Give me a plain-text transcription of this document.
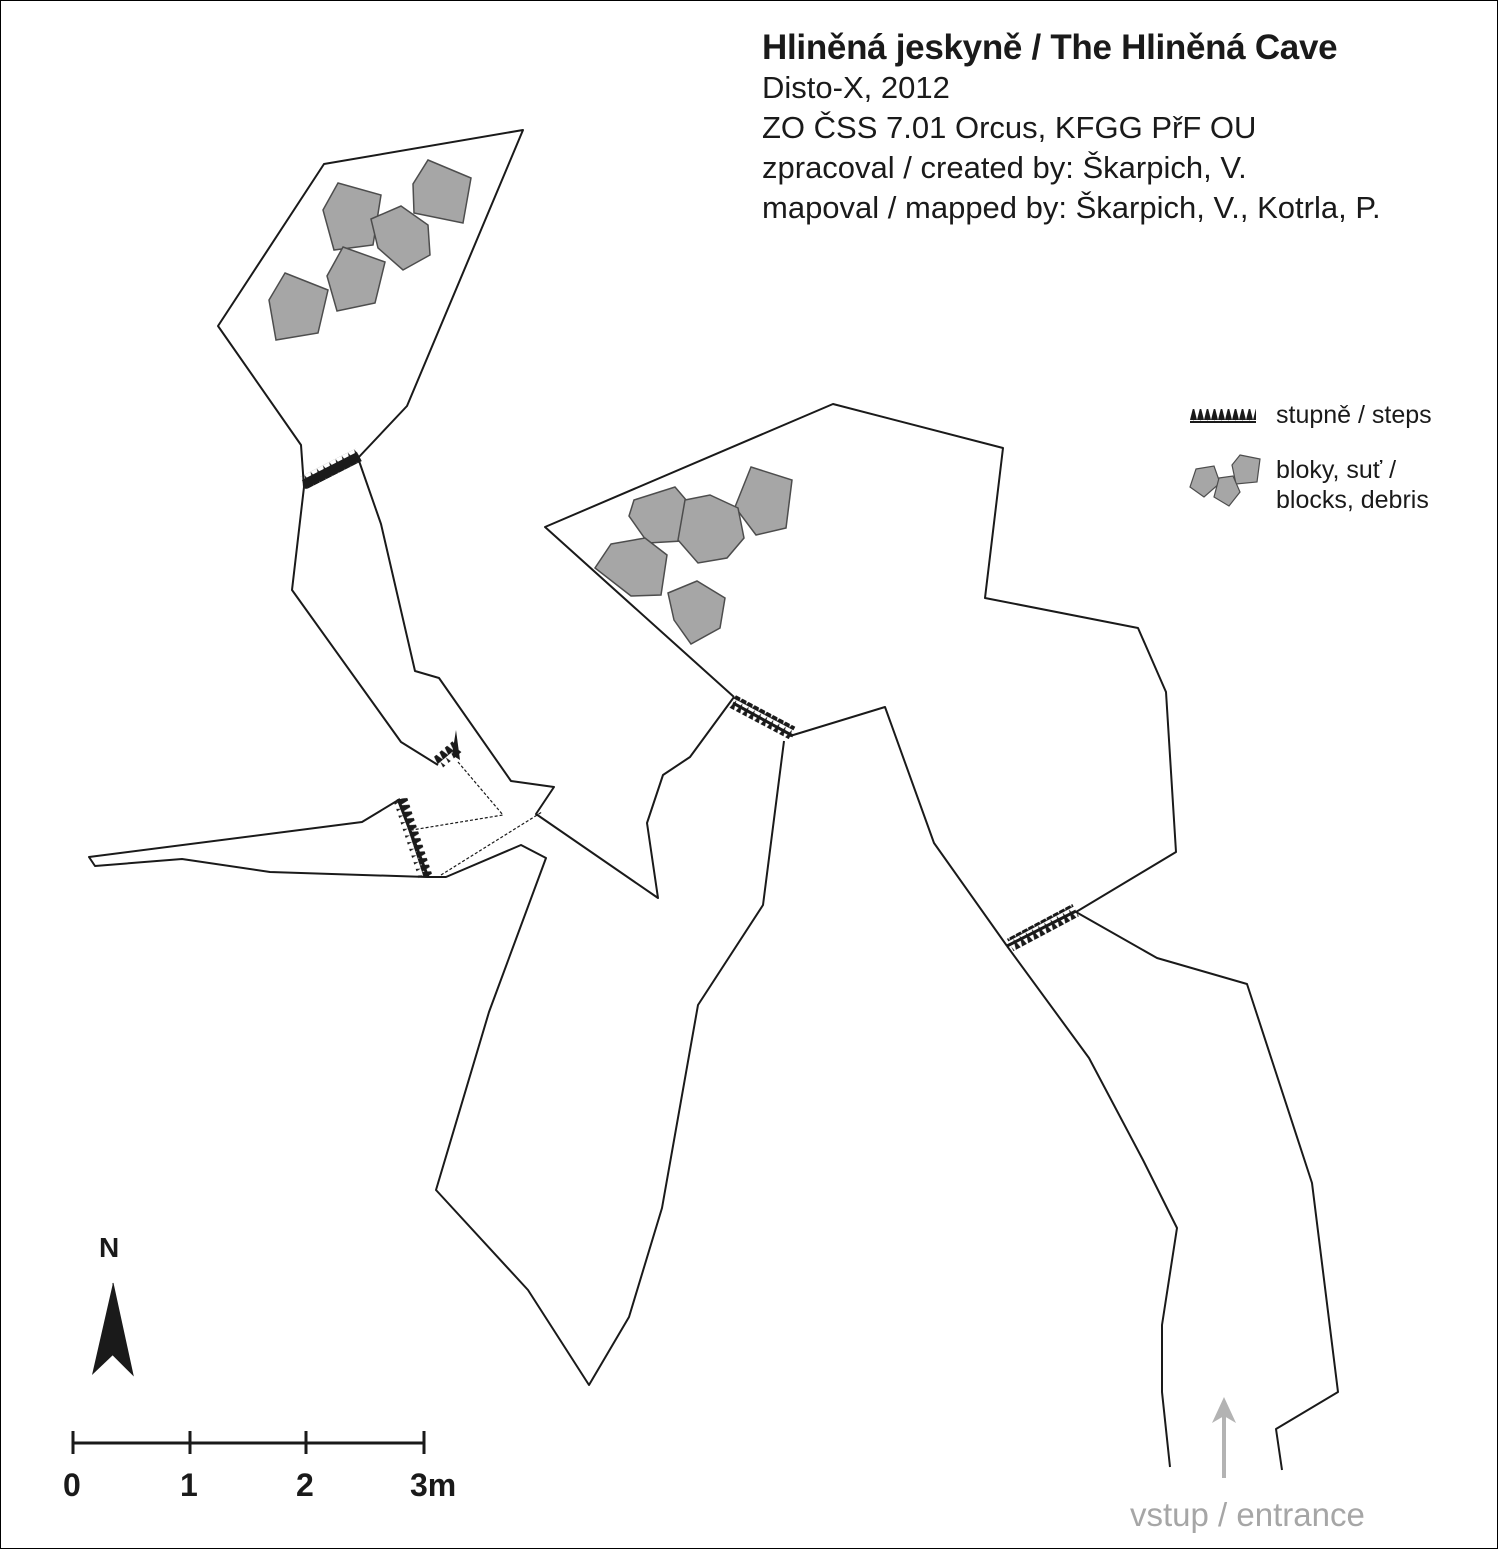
Hliněná jeskyně / The Hliněná Cave
Disto-X, 2012
ZO ČSS 7.01 Orcus, KFGG PřF OU
zpracoval / created by: Škarpich, V.
mapoval / mapped by: Škarpich, V., Kotrla, P.
stupně / steps
bloky, suť /
blocks, debris
N
0	1	2	3m
vstup / entrance
